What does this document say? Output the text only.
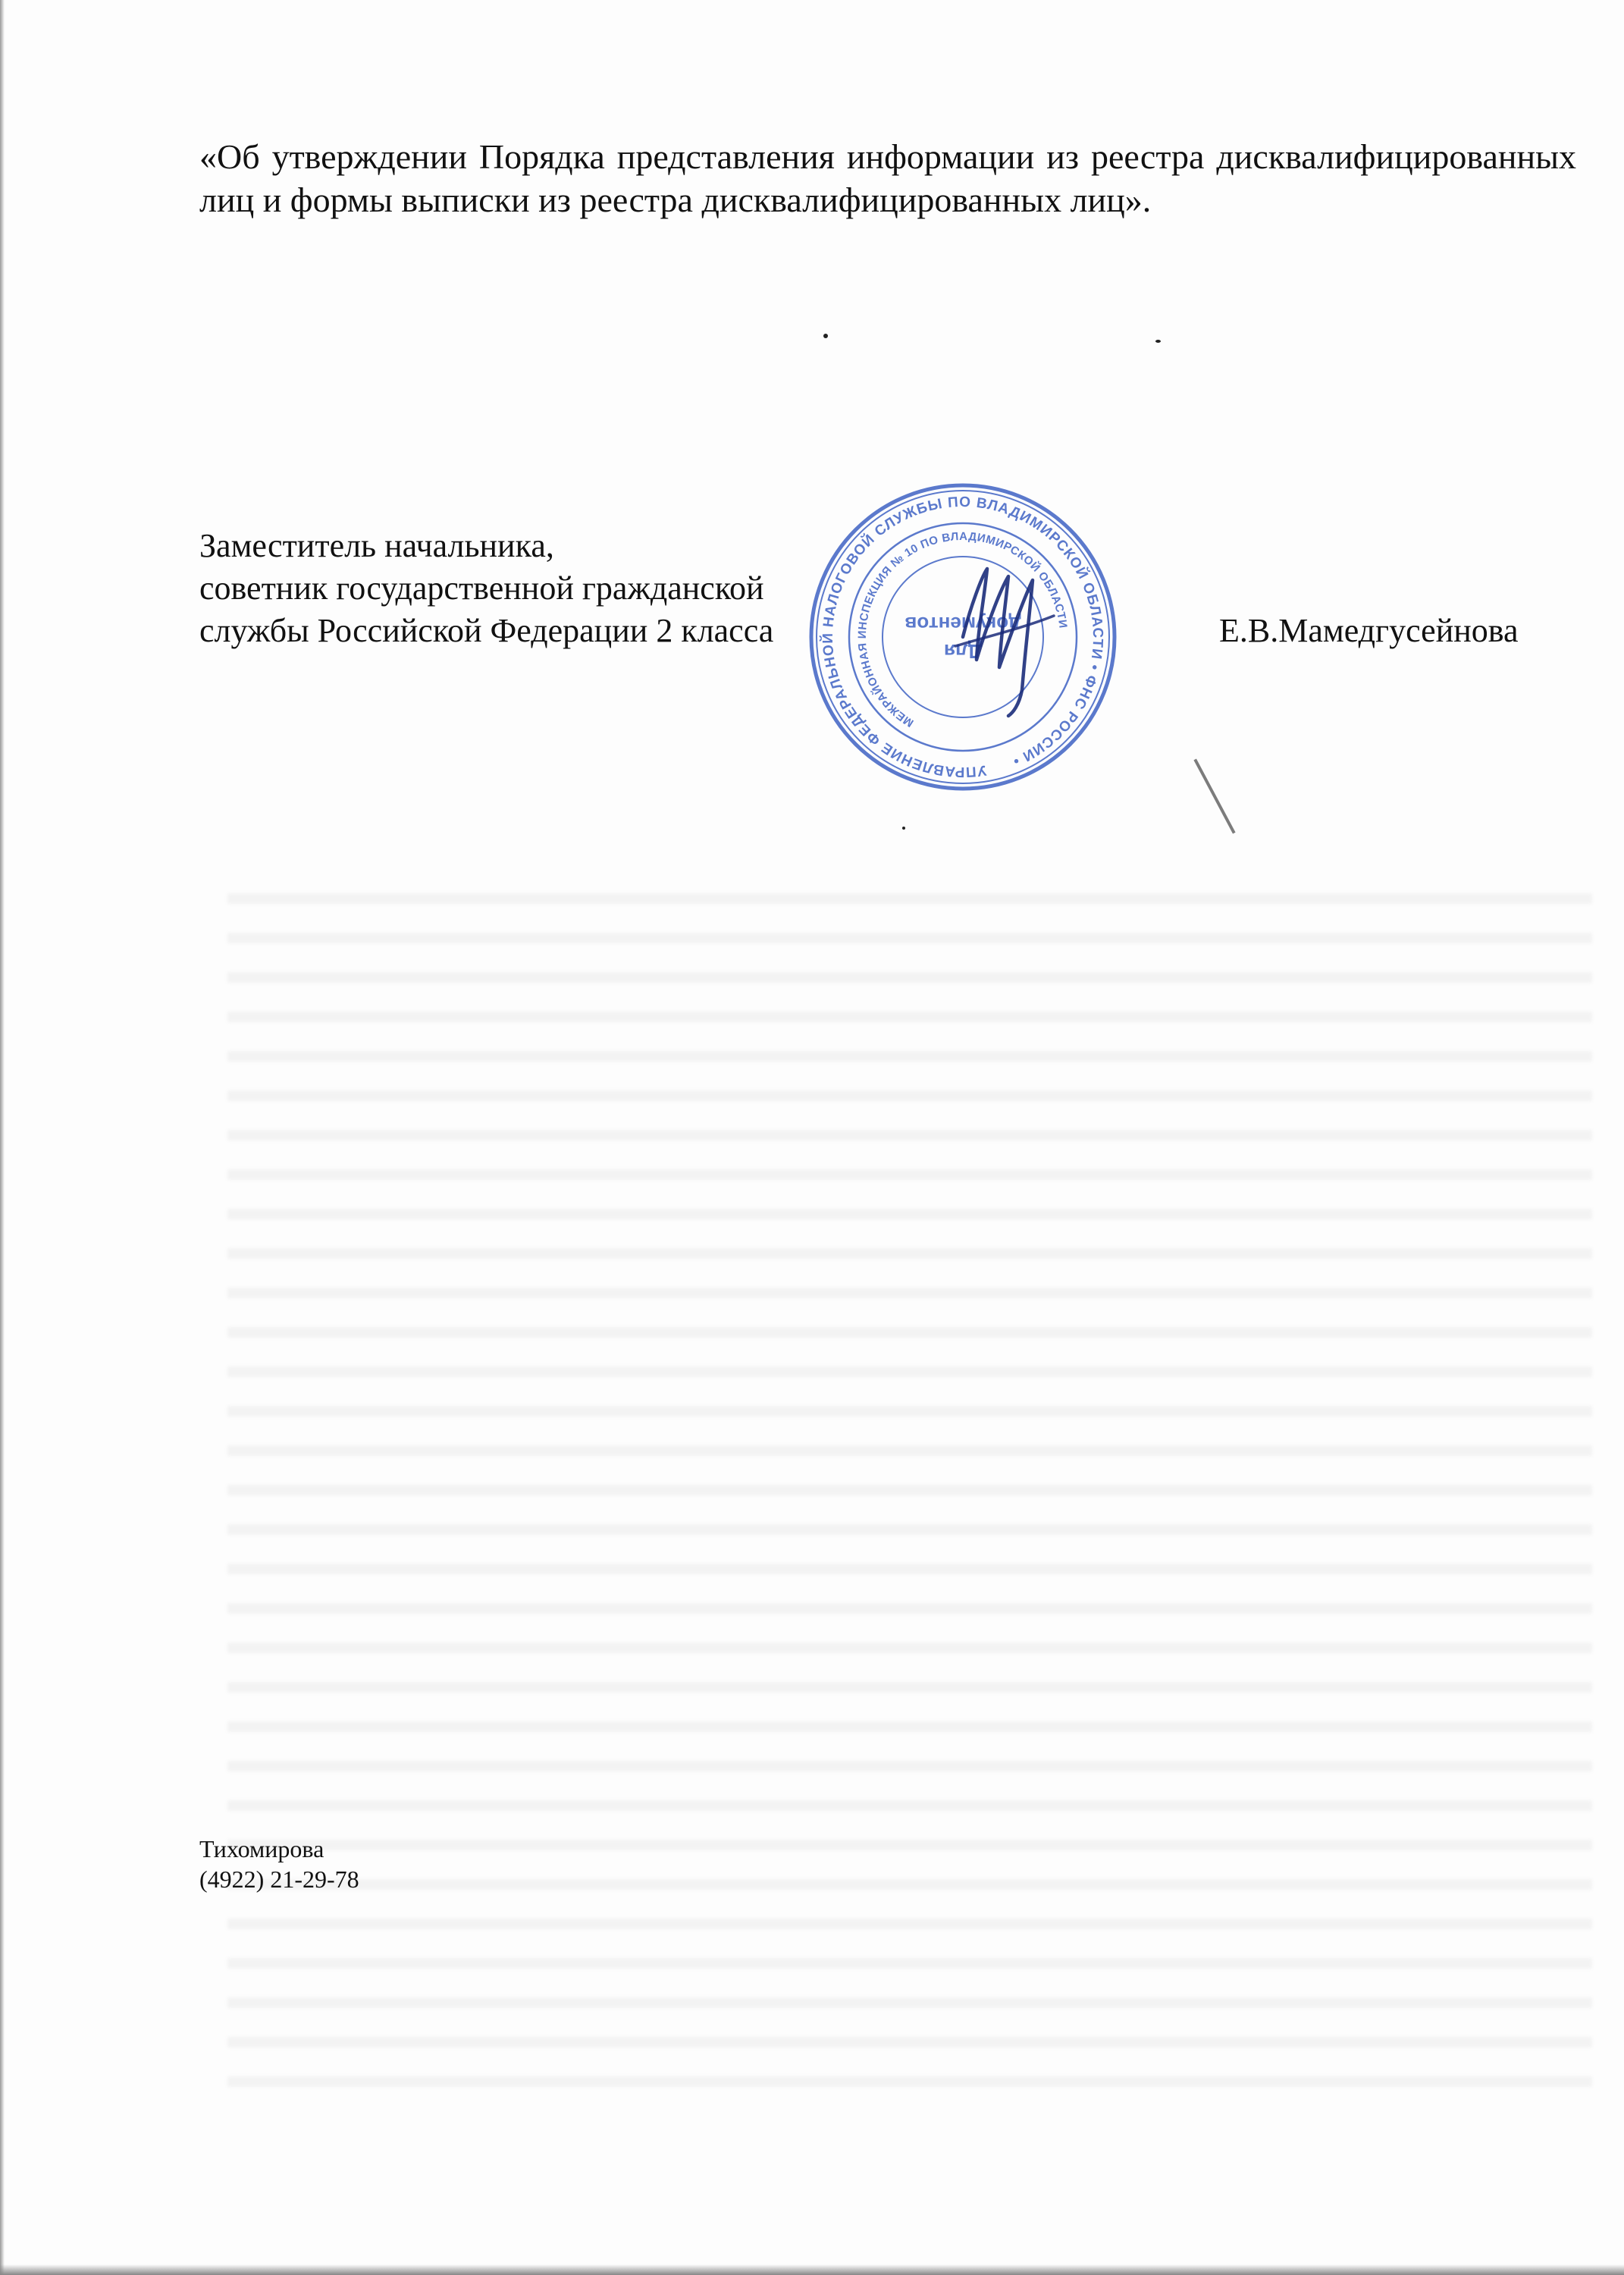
«Об утверждении Порядка представления информации из реестра дисквалифицированных лиц и формы выписки из реестра дисквалифицированных лиц».

Заместитель начальника,
советник государственной гражданской
службы Российской Федерации 2 класса	Е.В.Мамедгусейнова
УПРАВЛЕНИЕ ФЕДЕРАЛЬНОЙ НАЛОГОВОЙ СЛУЖБЫ ПО ВЛАДИМИРСКОЙ ОБЛАСТИ • ФНС РОССИИ •
МЕЖРАЙОННАЯ ИНСПЕКЦИЯ № 10 ПО ВЛАДИМИРСКОЙ ОБЛАСТИ
Для
документов
Тихомирова
(4922) 21-29-78
